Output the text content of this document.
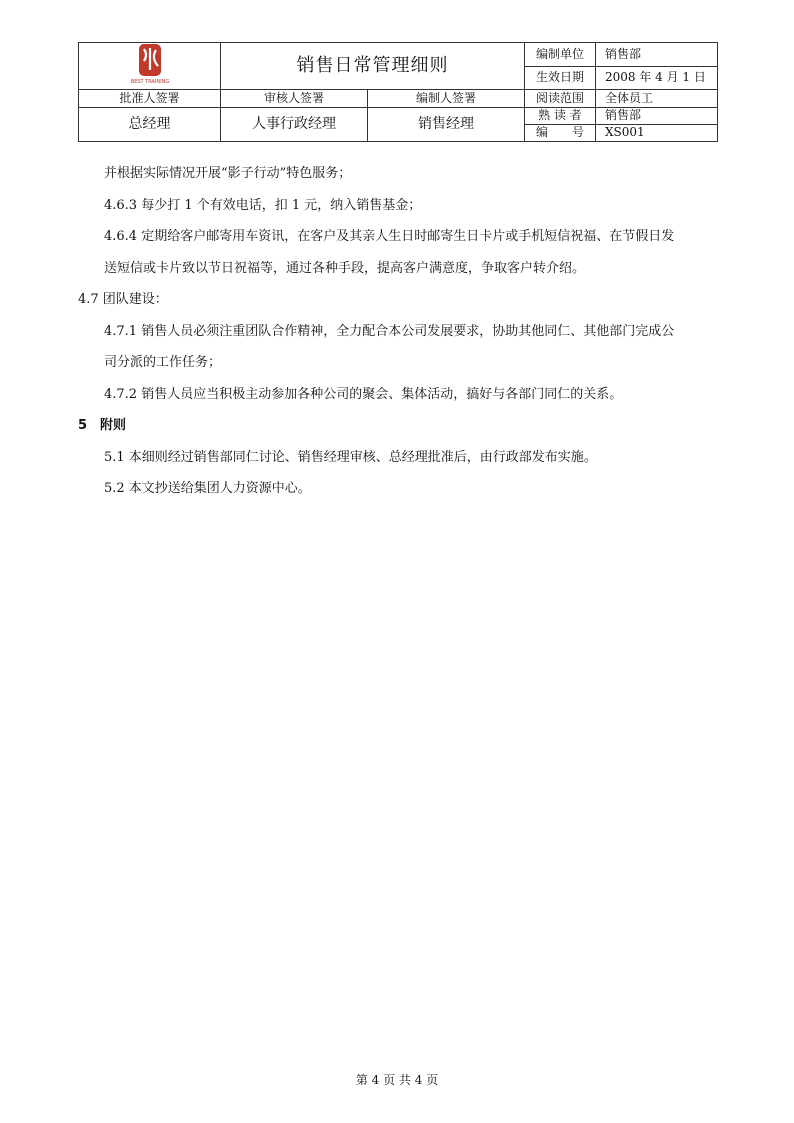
BEST TRAINING	销售日常管理细则		编制单位	销售部
			生效日期	2008 年 4 月 1 日
批准人签署	审核人签署	编制人签署	阅读范围	全体员工
总经理	人事行政经理	销售经理	熟 读 者	销售部
			编　　号	XS001

并根据实际情况开展“影子行动”特色服务；

4.6.3 每少打 1 个有效电话，扣 1 元，纳入销售基金；

4.6.4 定期给客户邮寄用车资讯，在客户及其亲人生日时邮寄生日卡片或手机短信祝福、在节假日发

送短信或卡片致以节日祝福等，通过各种手段，提高客户满意度，争取客户转介绍。

4.7 团队建设：

4.7.1 销售人员必须注重团队合作精神，全力配合本公司发展要求，协助其他同仁、其他部门完成公

司分派的工作任务；

4.7.2 销售人员应当积极主动参加各种公司的聚会、集体活动，搞好与各部门同仁的关系。

5　附则

5.1 本细则经过销售部同仁讨论、销售经理审核、总经理批准后，由行政部发布实施。

5.2 本文抄送给集团人力资源中心。

第 4 页 共 4 页
